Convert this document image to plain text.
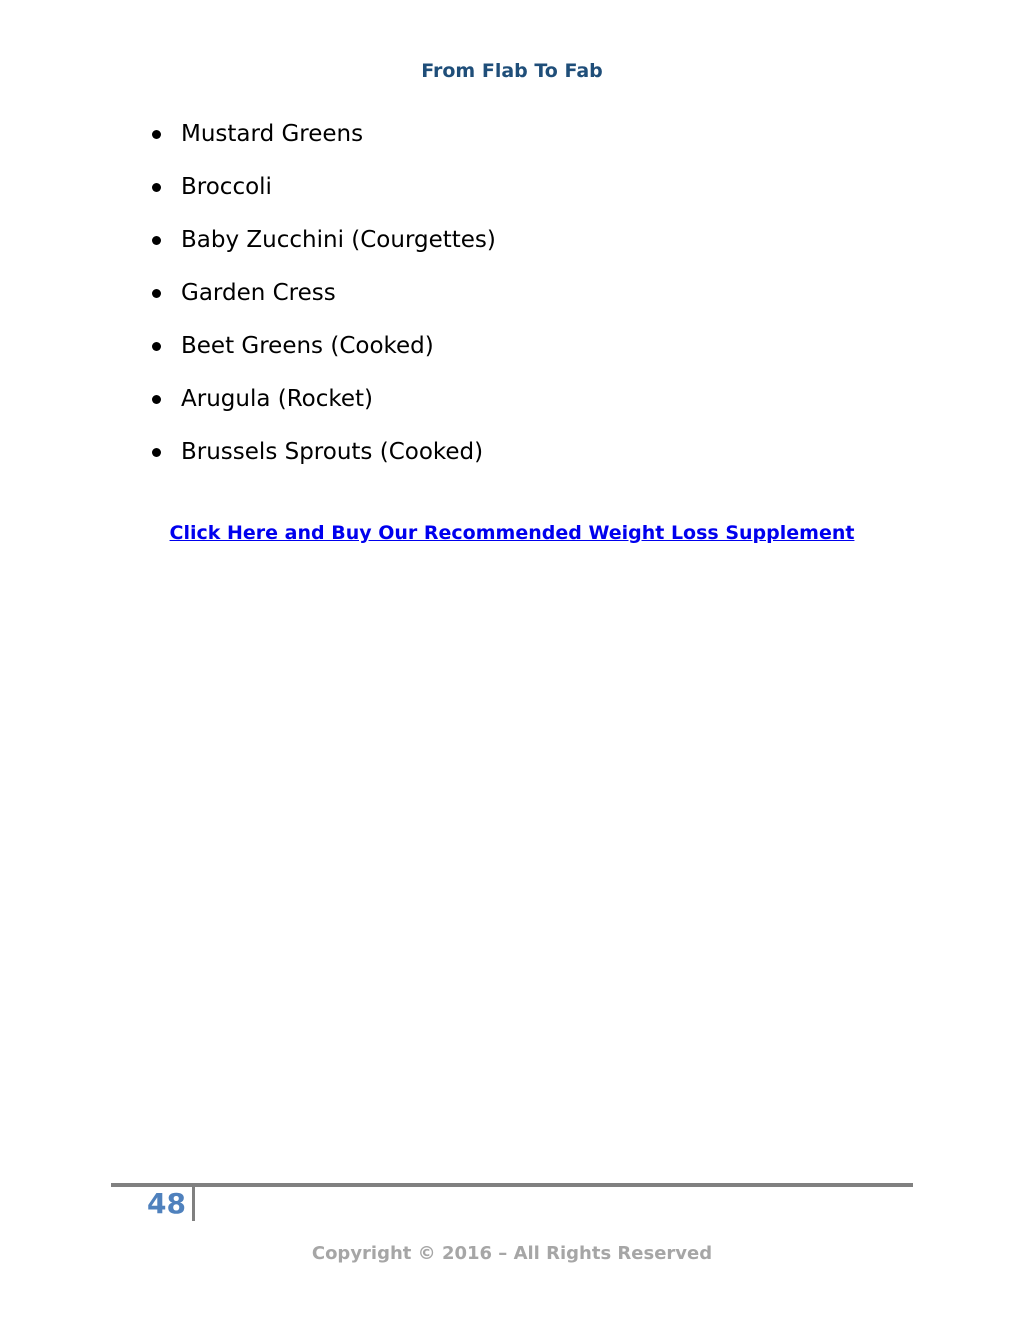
From Flab To Fab
Mustard Greens
Broccoli
Baby Zucchini (Courgettes)
Garden Cress
Beet Greens (Cooked)
Arugula (Rocket)
Brussels Sprouts (Cooked)
Click Here and Buy Our Recommended Weight Loss Supplement
48
Copyright © 2016 – All Rights Reserved
